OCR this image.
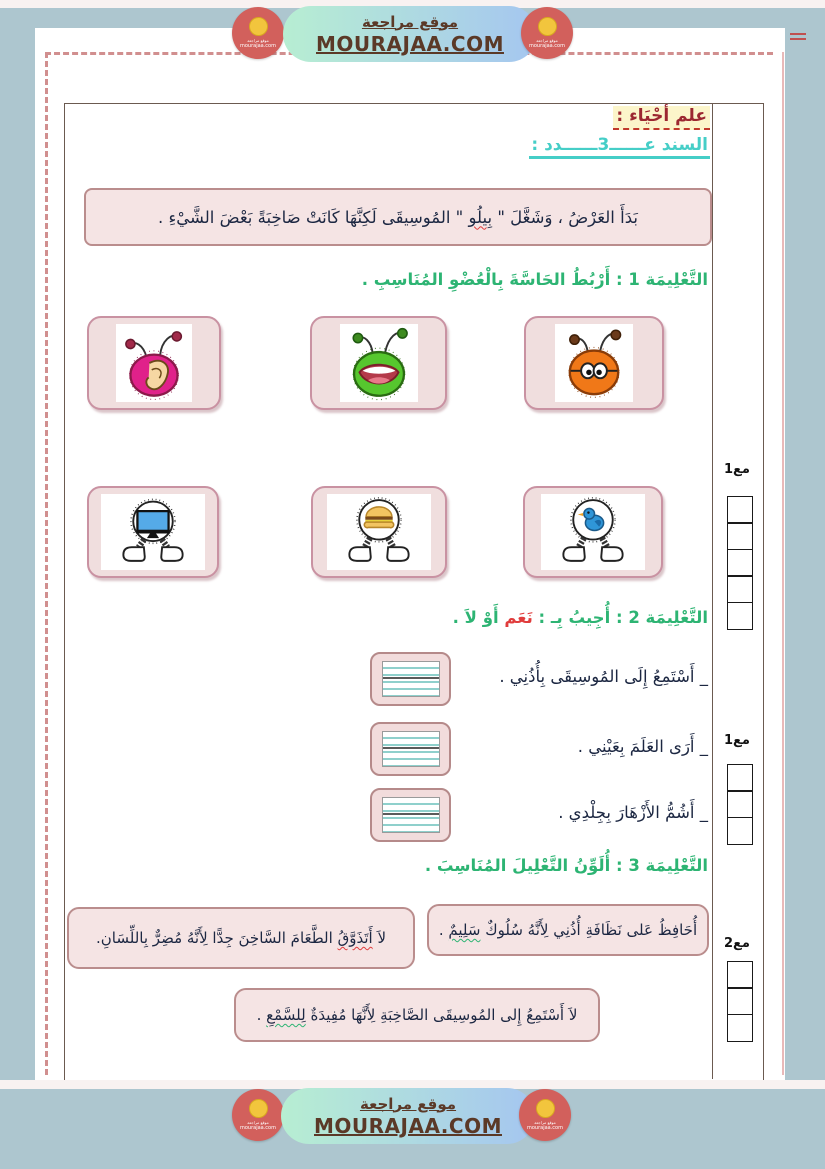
موقع مراجعة
mourajaa.com
موقع مراجعة
MOURAJAA.COM	موقع مراجعة
mourajaa.com
علم أحْيَاء :
السند عــــــ3ــــــدد :
بَدَأَ العَرْضُ ، وَشَغَّلَ " بِيلُو " المُوسِيقَى لَكِنَّهَا كَانَتْ صَاخِبَةً بَعْضَ الشَّيْءِ .
التَّعْلِيمَة 1 : أَرْبُطُ الحَاسَّةَ بِالْعُضْوِ المُنَاسِبِ .
التَّعْلِيمَة 2 : أُجِيبُ بِـ : نَعَم أَوْ لاَ .
_ أَسْتَمِعُ إِلَى المُوسِيقَى بِأُذُنِي .
_ أَرَى العَلَمَ بِعَيْنِي .
_ أَشُمُّ الأَزْهَارَ بِجِلْدِي .
التَّعْلِيمَة 3 : أُلَوِّنُ التَّعْلِيلَ المُنَاسِبَ .
لاَ أَتَذَوَّقُ الطَّعَامَ السَّاخِنَ جِدًّا لِأَنَّهُ مُضِرٌّ بِاللِّسَانِ.	أُحَافِظُ عَلى نَظَافَةِ أُذُنِي لِأَنَّهُ سُلُوكٌ سَلِيمٌ .
لاَ أَسْتَمِعُ إِلى المُوسِيقَى الصَّاخِبَةِ لِأَنَّهَا مُفِيدَةٌ لِلسَّمْعِ .
مع1
مع1
مع2
موقع مراجعة
mourajaa.com
موقع مراجعة
MOURAJAA.COM	موقع مراجعة
mourajaa.com
